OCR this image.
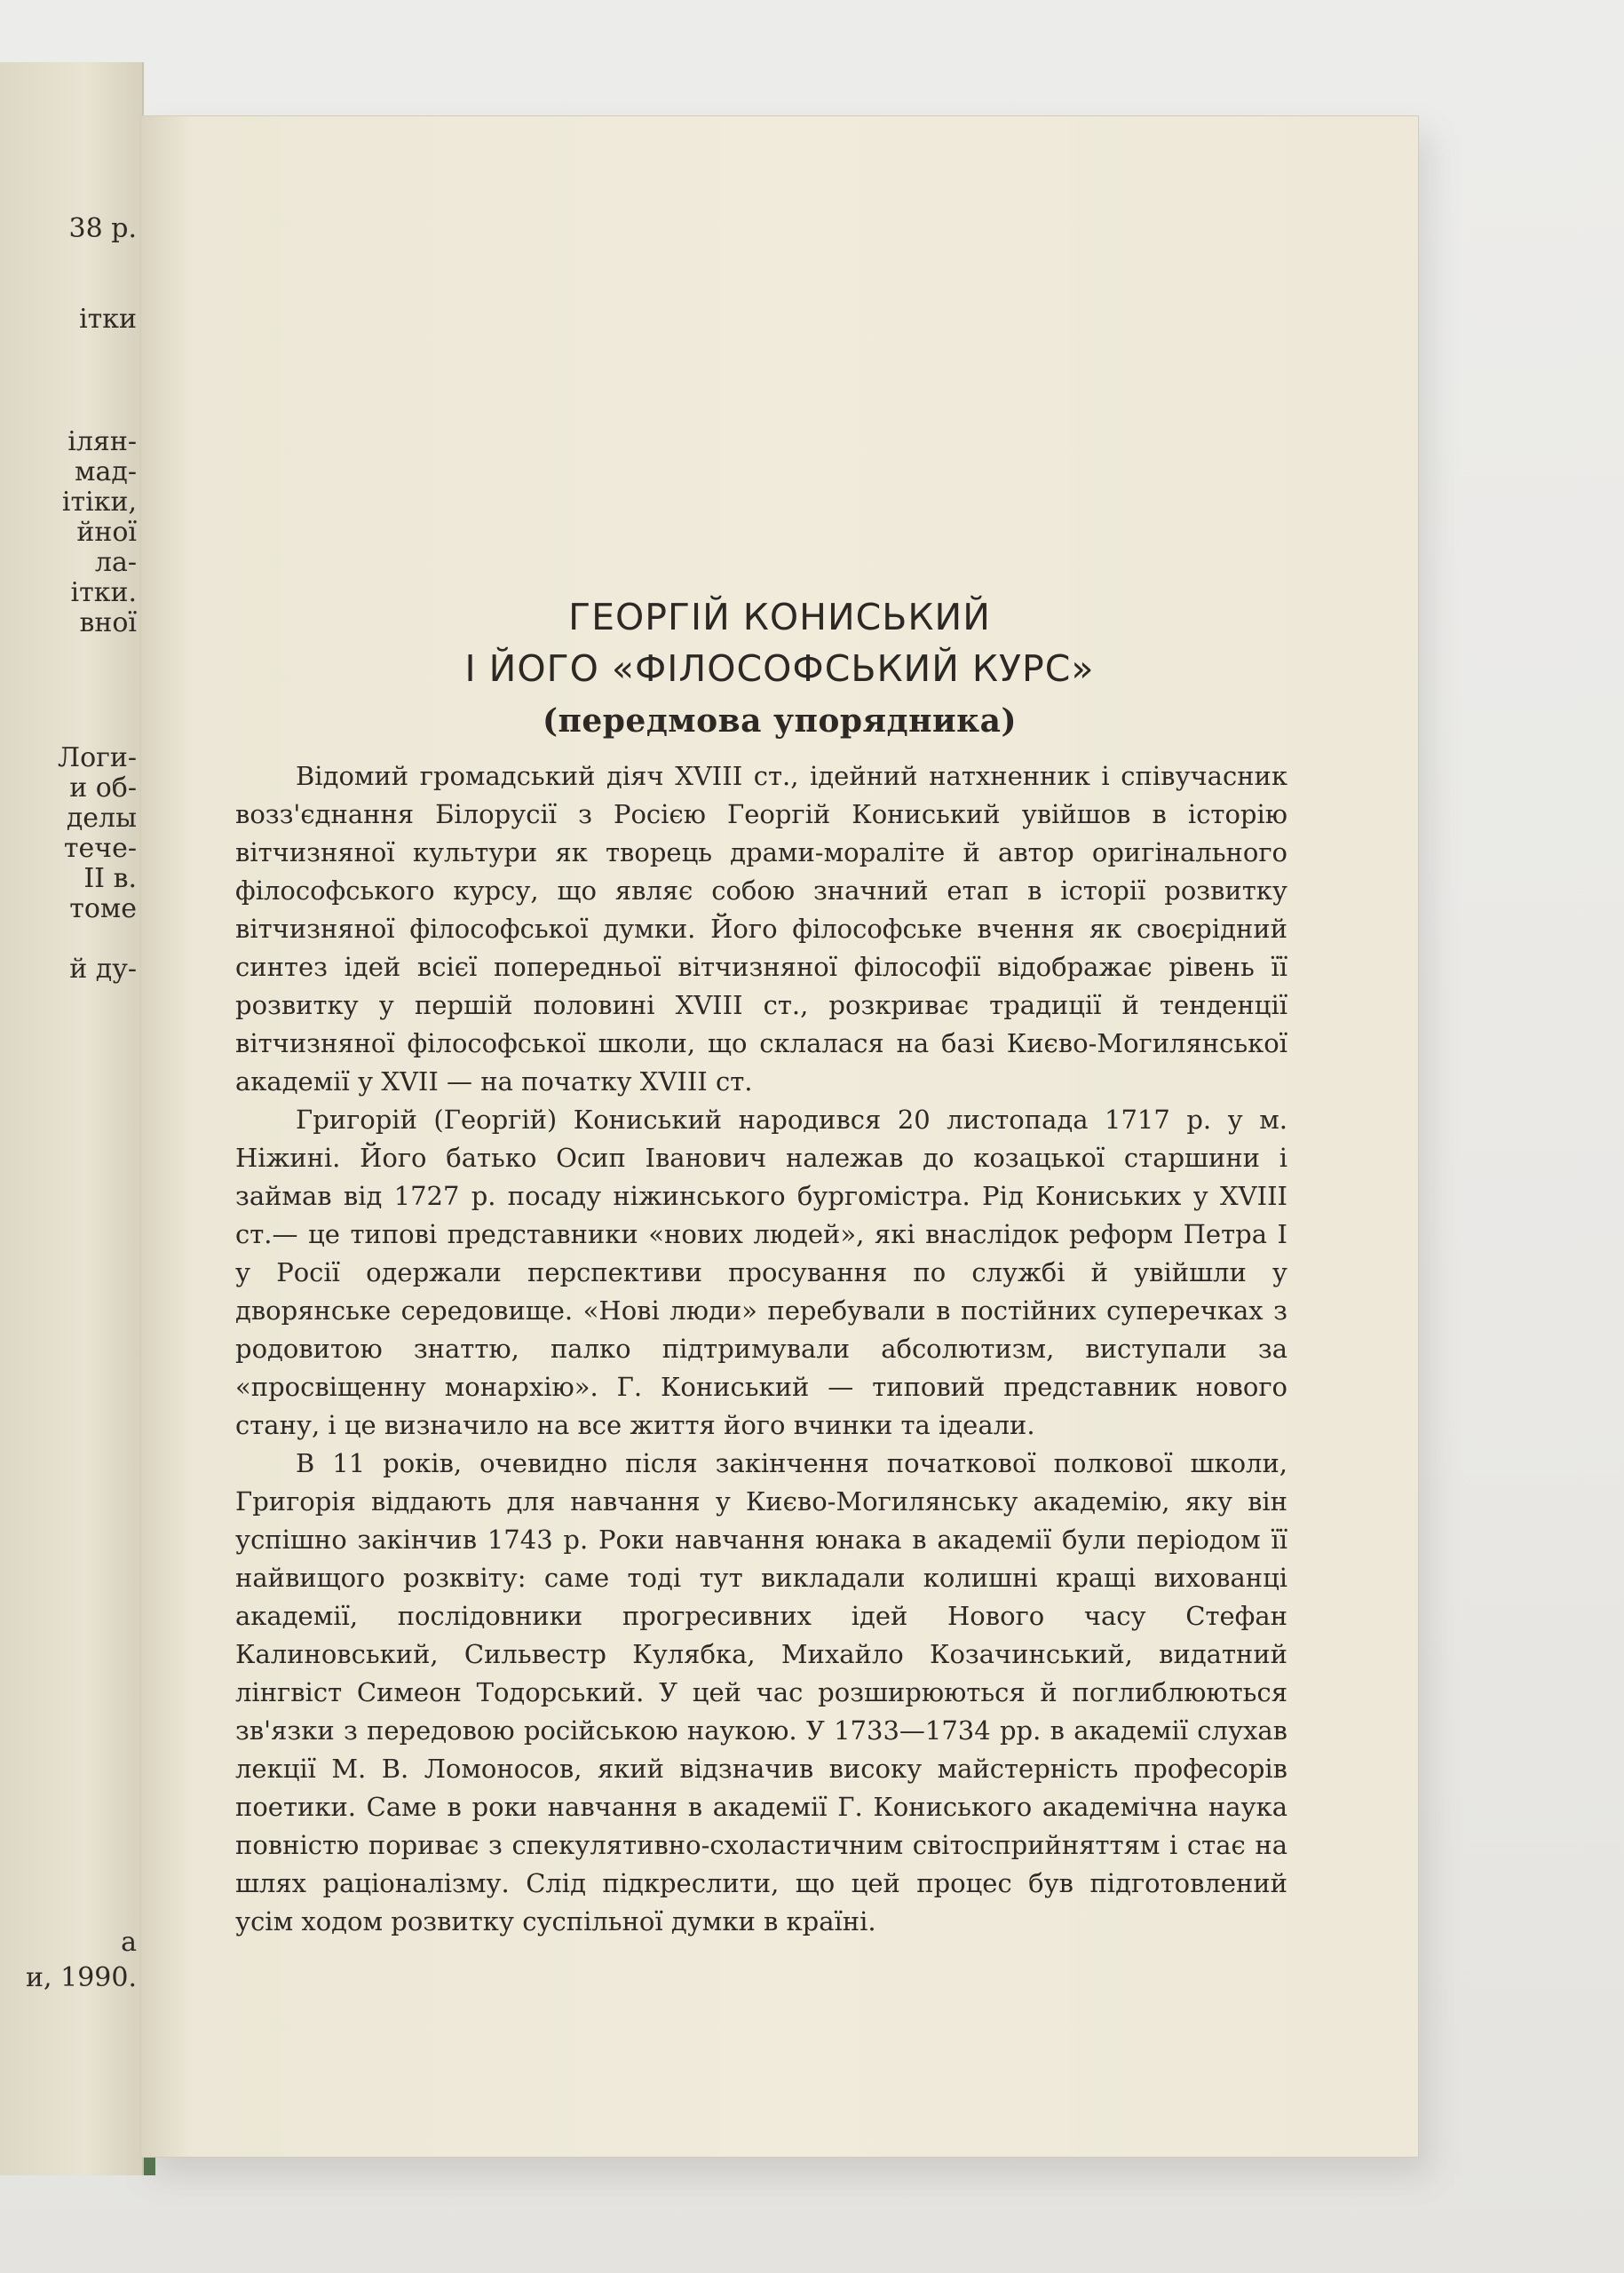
38 р.

ітки

ілян-

мад-

ітіки,

йної

ла-

ітки.

вної

Логи-

и об-

делы

тече-

ІІ в.

томе

й ду-

а

и, 1990.

ГЕОРГІЙ КОНИСЬКИЙ
І ЙОГО «ФІЛОСОФСЬКИЙ КУРС»
(передмова упорядника)

Відомий громадський діяч XVIII ст., ідейний натхненник і співучасник возз'єднання Білорусії з Росією Георгій Кониський увійшов в історію вітчизняної культури як творець драми-мораліте й автор оригінального філософського курсу, що являє собою значний етап в історії розвитку вітчизняної філософської думки. Його філософське вчення як своєрідний синтез ідей всієї попередньої вітчизняної філософії відображає рівень її розвитку у першій половині XVIII ст., розкриває традиції й тенденції вітчизняної філософської школи, що склалася на базі Києво-Могилянської академії у XVII — на початку XVIII ст.

Григорій (Георгій) Кониський народився 20 листопада 1717 р. у м. Ніжині. Його батько Осип Іванович належав до козацької старшини і займав від 1727 р. посаду ніжинського бургоміcтра. Рід Кониських у XVIII ст.— це типові представники «нових людей», які внаслідок реформ Петра I у Росії одержали перспективи просування по службі й увійшли у дворянське середовище. «Нові люди» перебували в постійних суперечках з родовитою знаттю, палко підтримували абсолютизм, виступали за «просвіщенну монархію». Г. Кониський — типовий представник нового стану, і це визначило на все життя його вчинки та ідеали.

В 11 років, очевидно після закінчення початкової полкової школи, Григорія віддають для навчання у Києво-Могилянську академію, яку він успішно закінчив 1743 р. Роки навчання юнака в академії були періодом її найвищого розквіту: саме тоді тут викладали колишні кращі вихованці академії, послідовники прогресивних ідей Нового часу Стефан Калиновський, Сильвестр Кулябка, Михайло Козачинський, видатний лінгвіст Симеон Тодорський. У цей час розширюються й поглиблюються зв'язки з передовою російською наукою. У 1733—1734 рр. в академії слухав лекції М. В. Ломоносов, який відзначив високу майстерність професорів поетики. Саме в роки навчання в академії Г. Кониського академічна наука повністю пориває з спекулятивно-схоластичним світосприйняттям і стає на шлях раціоналізму. Слід підкреслити, що цей процес був підготовлений усім ходом розвитку суспільної думки в країні.
